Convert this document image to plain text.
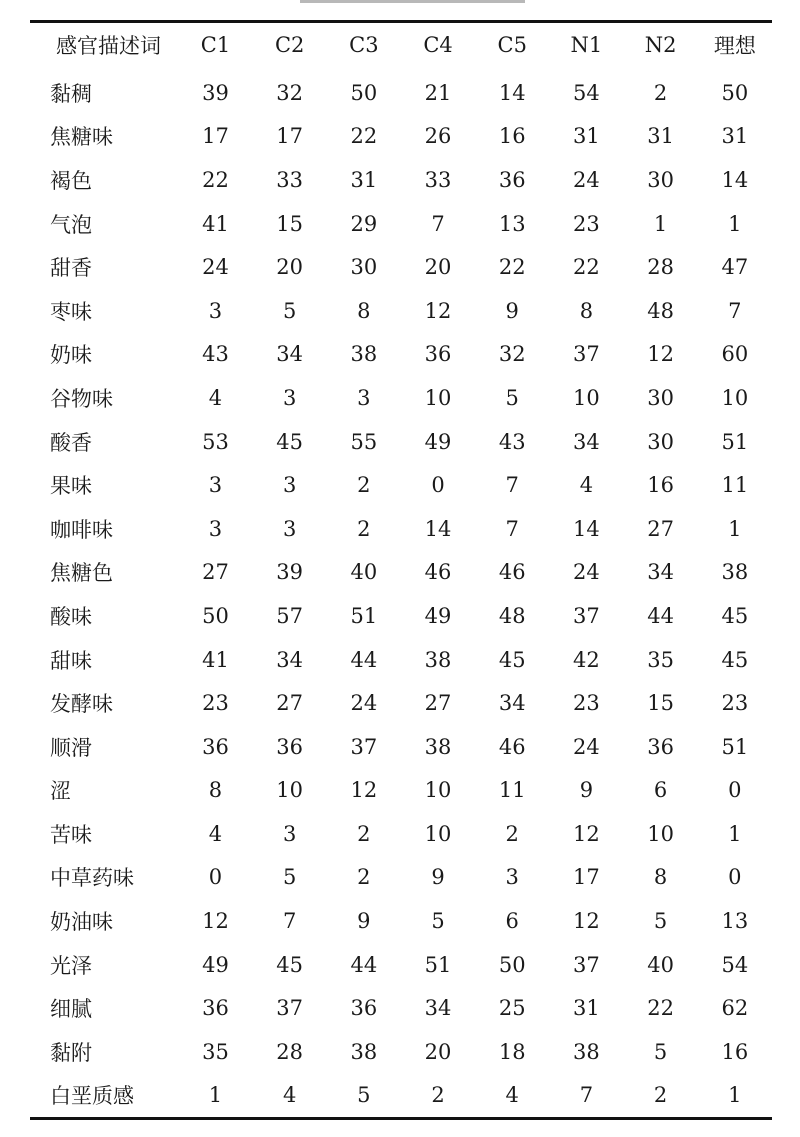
感官描述词	C1	C2	C3	C4	C5	N1	N2	理想
黏稠	39	32	50	21	14	54	2	50
焦糖味	17	17	22	26	16	31	31	31
褐色	22	33	31	33	36	24	30	14
气泡	41	15	29	7	13	23	1	1
甜香	24	20	30	20	22	22	28	47
枣味	3	5	8	12	9	8	48	7
奶味	43	34	38	36	32	37	12	60
谷物味	4	3	3	10	5	10	30	10
酸香	53	45	55	49	43	34	30	51
果味	3	3	2	0	7	4	16	11
咖啡味	3	3	2	14	7	14	27	1
焦糖色	27	39	40	46	46	24	34	38
酸味	50	57	51	49	48	37	44	45
甜味	41	34	44	38	45	42	35	45
发酵味	23	27	24	27	34	23	15	23
顺滑	36	36	37	38	46	24	36	51
涩	8	10	12	10	11	9	6	0
苦味	4	3	2	10	2	12	10	1
中草药味	0	5	2	9	3	17	8	0
奶油味	12	7	9	5	6	12	5	13
光泽	49	45	44	51	50	37	40	54
细腻	36	37	36	34	25	31	22	62
黏附	35	28	38	20	18	38	5	16
白垩质感	1	4	5	2	4	7	2	1
